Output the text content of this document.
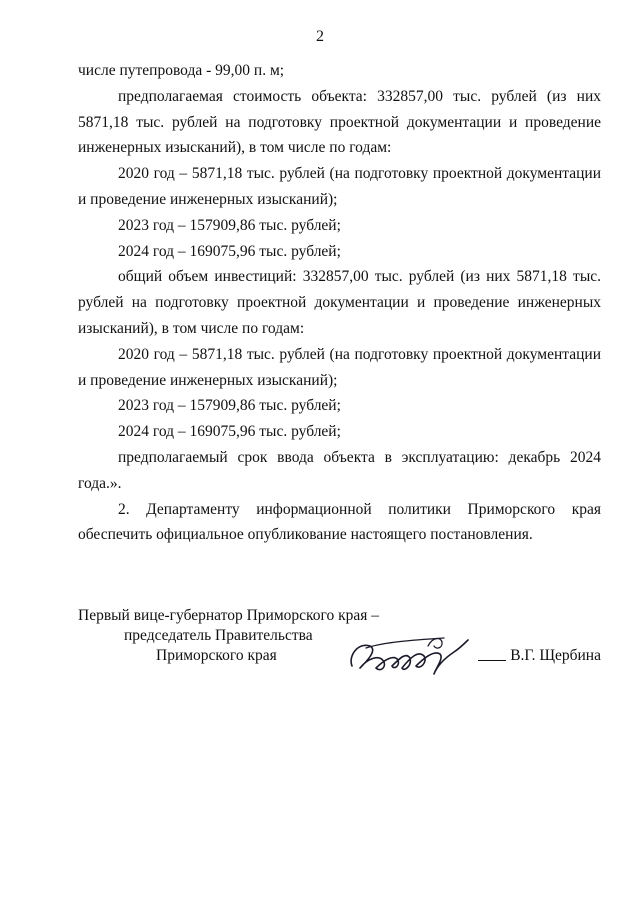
2

числе путепровода - 99,00 п. м;

предполагаемая стоимость объекта: 332857,00 тыс. рублей (из них 5871,18 тыс. рублей на подготовку проектной документации и проведение инженерных изысканий), в том числе по годам:

2020 год – 5871,18 тыс. рублей (на подготовку проектной документации и проведение инженерных изысканий);

2023 год – 157909,86 тыс. рублей;

2024 год – 169075,96 тыс. рублей;

общий объем инвестиций: 332857,00 тыс. рублей (из них 5871,18 тыс. рублей на подготовку проектной документации и проведение инженерных изысканий), в том числе по годам:

2020 год – 5871,18 тыс. рублей (на подготовку проектной документации и проведение инженерных изысканий);

2023 год – 157909,86 тыс. рублей;

2024 год – 169075,96 тыс. рублей;

предполагаемый срок ввода объекта в эксплуатацию: декабрь 2024 года.».

2. Департаменту информационной политики Приморского края обеспечить официальное опубликование настоящего постановления.

Первый вице-губернатор Приморского края –
председатель Правительства
Приморского края	В.Г. Щербина
